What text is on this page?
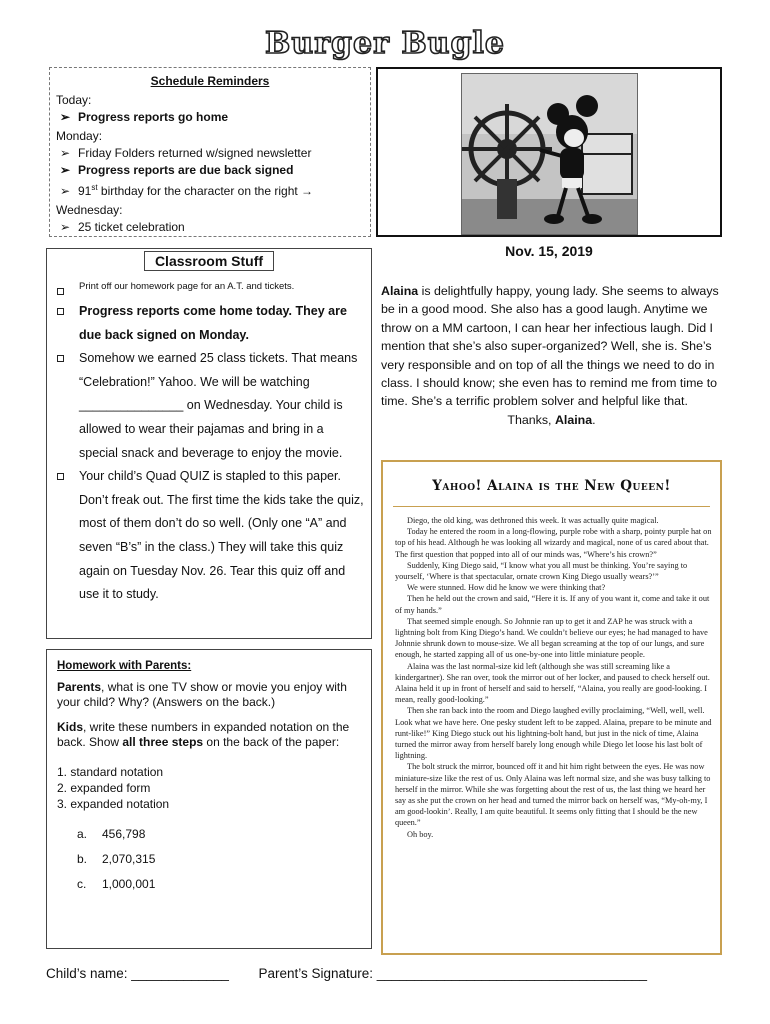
Burger Bugle
Schedule Reminders
Today:
➢ Progress reports go home
Monday:
➢ Friday Folders returned w/signed newsletter
➢ Progress reports are due back signed
➢ 91st birthday for the character on the right →
Wednesday:
➢ 25 ticket celebration
Nov. 15, 2019
Classroom Stuff
Print off our homework page for an A.T. and tickets.
Progress reports come home today. They are due back signed on Monday.
Somehow we earned 25 class tickets. That means “Celebration!” Yahoo. We will be watching _______________ on Wednesday. Your child is allowed to wear their pajamas and bring in a special snack and beverage to enjoy the movie.
Your child’s Quad QUIZ is stapled to this paper. Don’t freak out. The first time the kids take the quiz, most of them don’t do so well. (Only one “A” and seven “B’s” in the class.) They will take this quiz again on Tuesday Nov. 26. Tear this quiz off and use it to study.
Homework with Parents:

Parents, what is one TV show or movie you enjoy with your child? Why? (Answers on the back.)

Kids, write these numbers in expanded notation on the back. Show all three steps on the back of the paper:

1. standard notation
2. expanded form
3. expanded notation
a. 456,798
b. 2,070,315
c. 1,000,001
Alaina is delightfully happy, young lady. She seems to always be in a good mood. She also has a good laugh. Anytime we throw on a MM cartoon, I can hear her infectious laugh. Did I mention that she’s also super-organized? Well, she is. She’s very responsible and on top of all the things we need to do in class. I should know; she even has to remind me from time to time. She’s a terrific problem solver and helpful like that.
Thanks, Alaina.
Yahoo! Alaina is the New Queen!

Diego, the old king, was dethroned this week. It was actually quite magical.

Today he entered the room in a long-flowing, purple robe with a sharp, pointy purple hat on top of his head. Although he was looking all wizardy and magical, none of us cared about that. The first question that popped into all of our minds was, “Where’s his crown?”

Suddenly, King Diego said, “I know what you all must be thinking. You’re saying to yourself, ‘Where is that spectacular, ornate crown King Diego usually wears?’”

We were stunned. How did he know we were thinking that?

Then he held out the crown and said, “Here it is. If any of you want it, come and take it out of my hands.”

That seemed simple enough. So Johnnie ran up to get it and ZAP he was struck with a lightning bolt from King Diego’s hand. We couldn’t believe our eyes; he had managed to have Johnnie shrunk down to mouse-size. We all began screaming at the top of our lungs, and sure enough, he started zapping all of us one-by-one into little miniature people.

Alaina was the last normal-size kid left (although she was still screaming like a kindergartner). She ran over, took the mirror out of her locker, and paused to check herself out. Alaina held it up in front of herself and said to herself, “Alaina, you really are good-looking. I mean, really good-looking.”

Then she ran back into the room and Diego laughed evilly proclaiming, “Well, well, well. Look what we have here. One pesky student left to be zapped. Alaina, prepare to be minute and runt-like!” King Diego stuck out his lightning-bolt hand, but just in the nick of time, Alaina turned the mirror away from herself barely long enough while Diego let loose his last bolt of lightning.

The bolt struck the mirror, bounced off it and hit him right between the eyes. He was now miniature-size like the rest of us. Only Alaina was left normal size, and she was busy talking to herself in the mirror. While she was forgetting about the rest of us, the last thing we heard her say as she put the crown on her head and turned the mirror back on herself was, “My-oh-my, I am good-lookin’. Really, I am quite beautiful. It seems only fitting that I should be the new queen.”

Oh boy.

Child’s name: _____________ Parent’s Signature: ____________________________________
